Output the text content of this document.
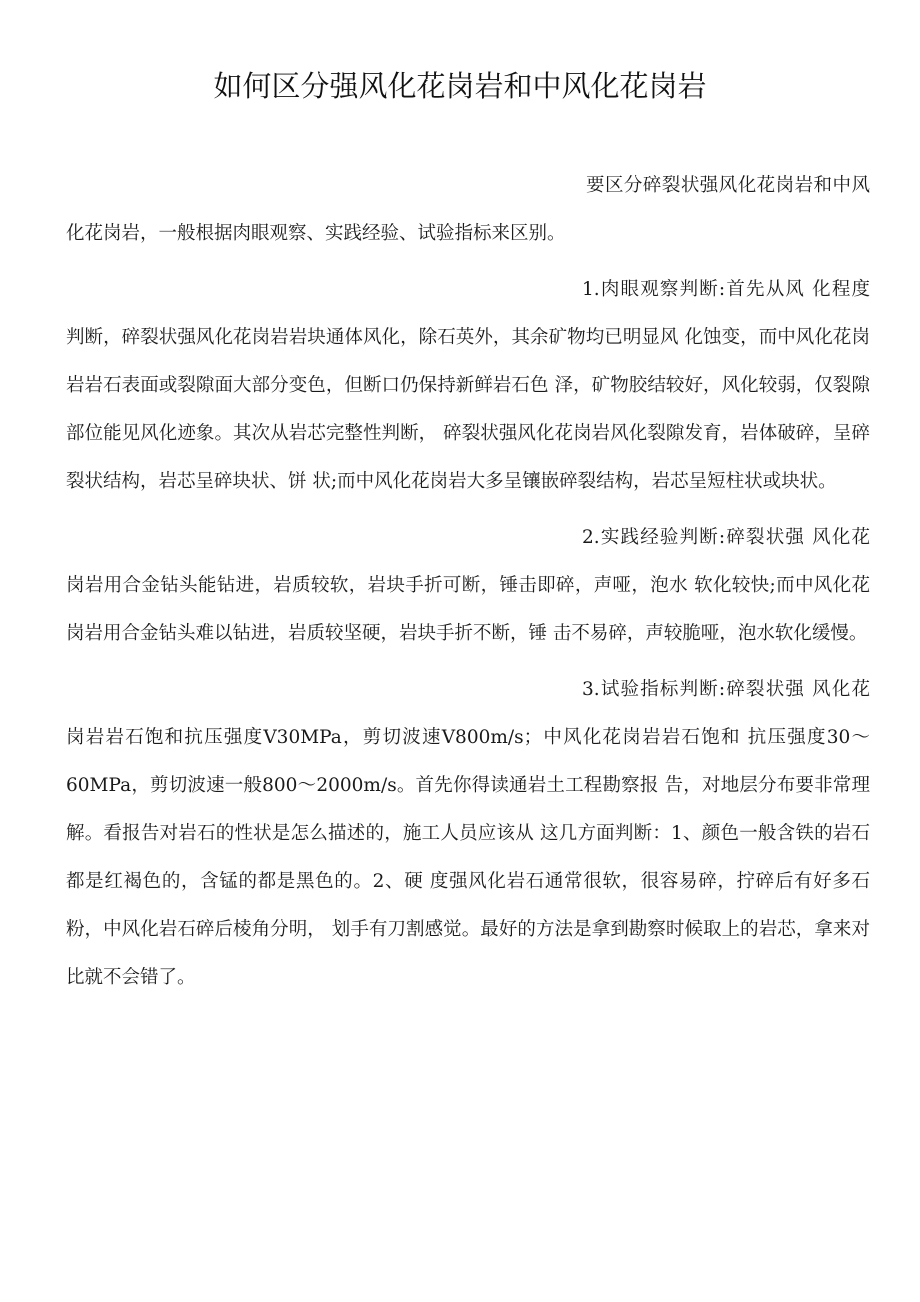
如何区分强风化花岗岩和中风化花岗岩

要区分碎裂状强风化花岗岩和中风化花岗岩，一般根据肉眼观察、实践经验、试验指标来区别。

1.肉眼观察判断:首先从风 化程度判断，碎裂状强风化花岗岩岩块通体风化，除石英外，其余矿物均已明显风 化蚀变，而中风化花岗岩岩石表面或裂隙面大部分变色，但断口仍保持新鲜岩石色 泽，矿物胶结较好，风化较弱，仅裂隙部位能见风化迹象。其次从岩芯完整性判断， 碎裂状强风化花岗岩风化裂隙发育，岩体破碎，呈碎裂状结构，岩芯呈碎块状、饼 状;而中风化花岗岩大多呈镶嵌碎裂结构，岩芯呈短柱状或块状。

2.实践经验判断:碎裂状强 风化花岗岩用合金钻头能钻进，岩质较软，岩块手折可断，锤击即碎，声哑，泡水 软化较快;而中风化花岗岩用合金钻头难以钻进，岩质较坚硬，岩块手折不断，锤 击不易碎，声较脆哑，泡水软化缓慢。

3.试验指标判断:碎裂状强 风化花岗岩岩石饱和抗压强度V30MPa，剪切波速V800m/s；中风化花岗岩岩石饱和 抗压强度30～60MPa，剪切波速一般800～2000m/s。首先你得读通岩土工程勘察报 告，对地层分布要非常理解。看报告对岩石的性状是怎么描述的，施工人员应该从 这几方面判断：1、颜色一般含铁的岩石都是红褐色的，含锰的都是黑色的。2、硬 度强风化岩石通常很软，很容易碎，拧碎后有好多石粉，中风化岩石碎后棱角分明， 划手有刀割感觉。最好的方法是拿到勘察时候取上的岩芯，拿来对比就不会错了。
